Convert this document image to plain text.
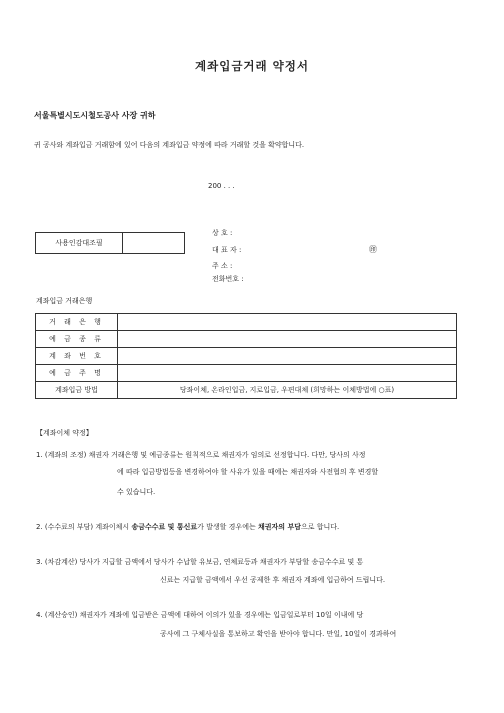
계좌입금거래 약정서
서울특별시도시철도공사 사장 귀하
귀 공사와 계좌입금 거래함에 있어 다음의 계좌입금 약정에 따라 거래할 것을 확약합니다.
200 . . .
사용인감대조필
상 호 :
대 표 자 :	㊞
주 소 :
전화번호 :
계좌입금 거래은행
거 래 은 행	
예 금 종 류	
계 좌 번 호	
예 금 주 명	
계좌입금 방법	당좌이체, 온라인입금, 지로입금, 우편대체 (희망하는 이체방법에 ○표)
【계좌이체 약정】
1. (계좌의 조정) 채권자 거래은행 및 예금종류는 원칙적으로 채권자가 임의로 선정합니다. 다만, 당사의 사정
에 따라 입금방법등을 변경하여야 할 사유가 있을 때에는 채권자와 사전협의 후 변경할
수 있습니다.
2. (수수료의 부담) 계좌이체시 송금수수료 및 통신료가 발생할 경우에는 채권자의 부담으로 합니다.
3. (차감계산) 당사가 지급할 금액에서 당사가 수납할 유보금, 연체료등과 채권자가 부담할 송금수수료 및 통
신료는 지급할 금액에서 우선 공제한 후 채권자 계좌에 입금하여 드립니다.
4. (계산승인) 채권자가 계좌에 입금받은 금액에 대하여 이의가 있을 경우에는 입금일로부터 10일 이내에 당
공사에 그 구체사실을 통보하고 확인을 받아야 합니다. 만일, 10일이 경과하여
